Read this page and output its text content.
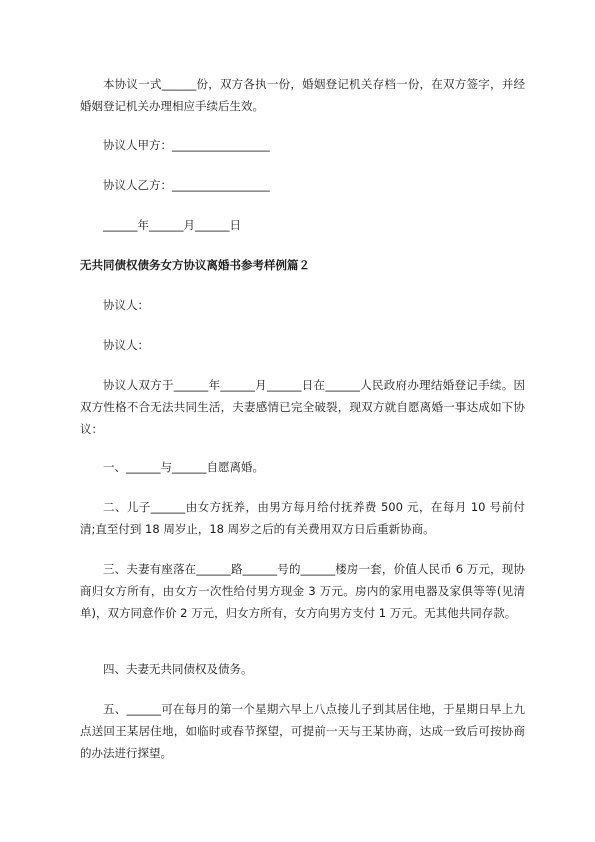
本协议一式______份，双方各执一份，婚姻登记机关存档一份，在双方签字，并经婚姻登记机关办理相应手续后生效。

协议人甲方：_________________

协议人乙方：_________________

______年______月______日

无共同债权债务女方协议离婚书参考样例篇２

协议人：

协议人：

协议人双方于______年______月______日在______人民政府办理结婚登记手续。因双方性格不合无法共同生活，夫妻感情已完全破裂，现双方就自愿离婚一事达成如下协议：

一、______与______自愿离婚。

二、儿子______由女方抚养，由男方每月给付抚养费 500 元，在每月 10 号前付清;直至付到 18 周岁止，18 周岁之后的有关费用双方日后重新协商。

三、夫妻有座落在______路______号的______楼房一套，价值人民币 6 万元，现协商归女方所有，由女方一次性给付男方现金 3 万元。房内的家用电器及家俱等等(见清单)，双方同意作价 2 万元，归女方所有，女方向男方支付 1 万元。无其他共同存款。

四、夫妻无共同债权及债务。

五、______可在每月的第一个星期六早上八点接儿子到其居住地，于星期日早上九点送回王某居住地，如临时或春节探望，可提前一天与王某协商，达成一致后可按协商的办法进行探望。
